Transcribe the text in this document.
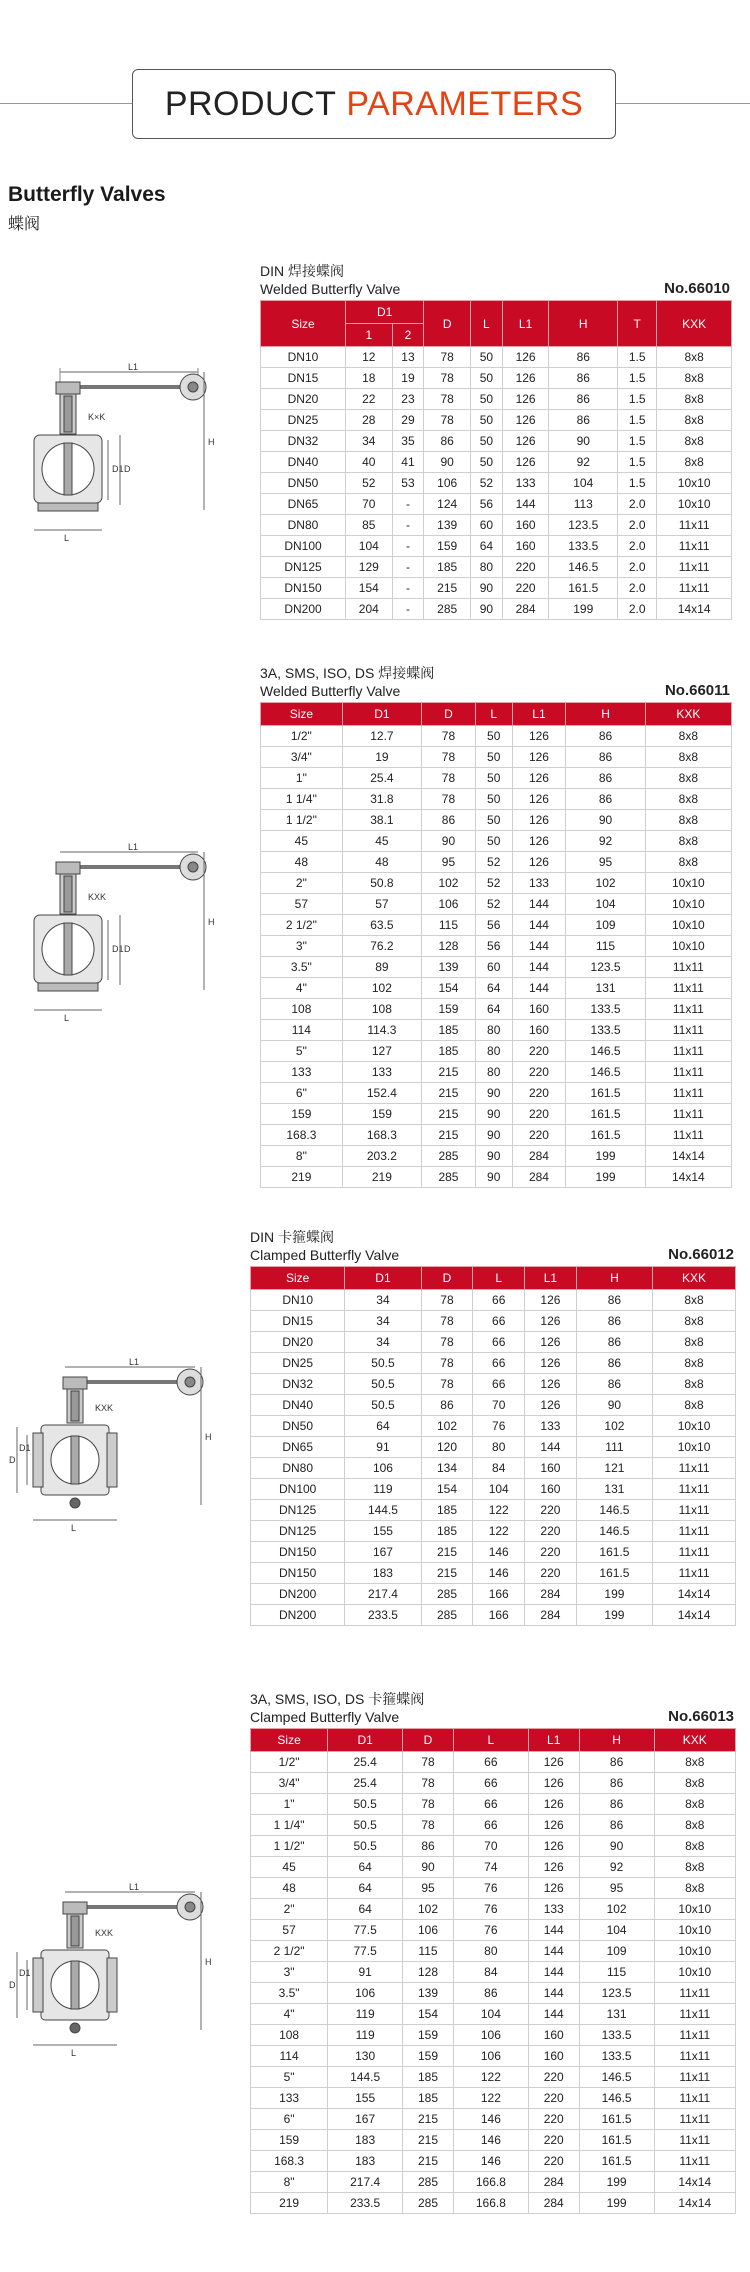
PRODUCT PARAMETERS
Butterfly Valves
蝶阀
DIN 焊接蝶阀
Welded Butterfly Valve	No.66010
Size	D1		D	L	L1	H	T	KXK
	1	2						
DN10	12	13	78	50	126	86	1.5	8x8
DN15	18	19	78	50	126	86	1.5	8x8
DN20	22	23	78	50	126	86	1.5	8x8
DN25	28	29	78	50	126	86	1.5	8x8
DN32	34	35	86	50	126	90	1.5	8x8
DN40	40	41	90	50	126	92	1.5	8x8
DN50	52	53	106	52	133	104	1.5	10x10
DN65	70	-	124	56	144	113	2.0	10x10
DN80	85	-	139	60	160	123.5	2.0	11x11
DN100	104	-	159	64	160	133.5	2.0	11x11
DN125	129	-	185	80	220	146.5	2.0	11x11
DN150	154	-	215	90	220	161.5	2.0	11x11
DN200	204	-	285	90	284	199	2.0	14x14
3A, SMS, ISO, DS 焊接蝶阀
Welded Butterfly Valve	No.66011
Size	D1	D	L	L1	H	KXK
1/2"	12.7	78	50	126	86	8x8
3/4"	19	78	50	126	86	8x8
1"	25.4	78	50	126	86	8x8
1 1/4"	31.8	78	50	126	86	8x8
1 1/2"	38.1	86	50	126	90	8x8
45	45	90	50	126	92	8x8
48	48	95	52	126	95	8x8
2"	50.8	102	52	133	102	10x10
57	57	106	52	144	104	10x10
2 1/2"	63.5	115	56	144	109	10x10
3"	76.2	128	56	144	115	10x10
3.5"	89	139	60	144	123.5	11x11
4"	102	154	64	144	131	11x11
108	108	159	64	160	133.5	11x11
114	114.3	185	80	160	133.5	11x11
5"	127	185	80	220	146.5	11x11
133	133	215	80	220	146.5	11x11
6"	152.4	215	90	220	161.5	11x11
159	159	215	90	220	161.5	11x11
168.3	168.3	215	90	220	161.5	11x11
8"	203.2	285	90	284	199	14x14
219	219	285	90	284	199	14x14
DIN 卡箍蝶阀
Clamped Butterfly Valve	No.66012
Size	D1	D	L	L1	H	KXK
DN10	34	78	66	126	86	8x8
DN15	34	78	66	126	86	8x8
DN20	34	78	66	126	86	8x8
DN25	50.5	78	66	126	86	8x8
DN32	50.5	78	66	126	86	8x8
DN40	50.5	86	70	126	90	8x8
DN50	64	102	76	133	102	10x10
DN65	91	120	80	144	111	10x10
DN80	106	134	84	160	121	11x11
DN100	119	154	104	160	131	11x11
DN125	144.5	185	122	220	146.5	11x11
DN125	155	185	122	220	146.5	11x11
DN150	167	215	146	220	161.5	11x11
DN150	183	215	146	220	161.5	11x11
DN200	217.4	285	166	284	199	14x14
DN200	233.5	285	166	284	199	14x14
3A, SMS, ISO, DS 卡箍蝶阀
Clamped Butterfly Valve	No.66013
Size	D1	D	L	L1	H	KXK
1/2"	25.4	78	66	126	86	8x8
3/4"	25.4	78	66	126	86	8x8
1"	50.5	78	66	126	86	8x8
1 1/4"	50.5	78	66	126	86	8x8
1 1/2"	50.5	86	70	126	90	8x8
45	64	90	74	126	92	8x8
48	64	95	76	126	95	8x8
2"	64	102	76	133	102	10x10
57	77.5	106	76	144	104	10x10
2 1/2"	77.5	115	80	144	109	10x10
3"	91	128	84	144	115	10x10
3.5"	106	139	86	144	123.5	11x11
4"	119	154	104	144	131	11x11
108	119	159	106	160	133.5	11x11
114	130	159	106	160	133.5	11x11
5"	144.5	185	122	220	146.5	11x11
133	155	185	122	220	146.5	11x11
6"	167	215	146	220	161.5	11x11
159	183	215	146	220	161.5	11x11
168.3	183	215	146	220	161.5	11x11
8"	217.4	285	166.8	284	199	14x14
219	233.5	285	166.8	284	199	14x14
L1
K×K
L
H
D1 D
L1
KXK
L
H
D1 D
L1
KXK
L
H
D
D1
L1
KXK
L
H
D
D1
